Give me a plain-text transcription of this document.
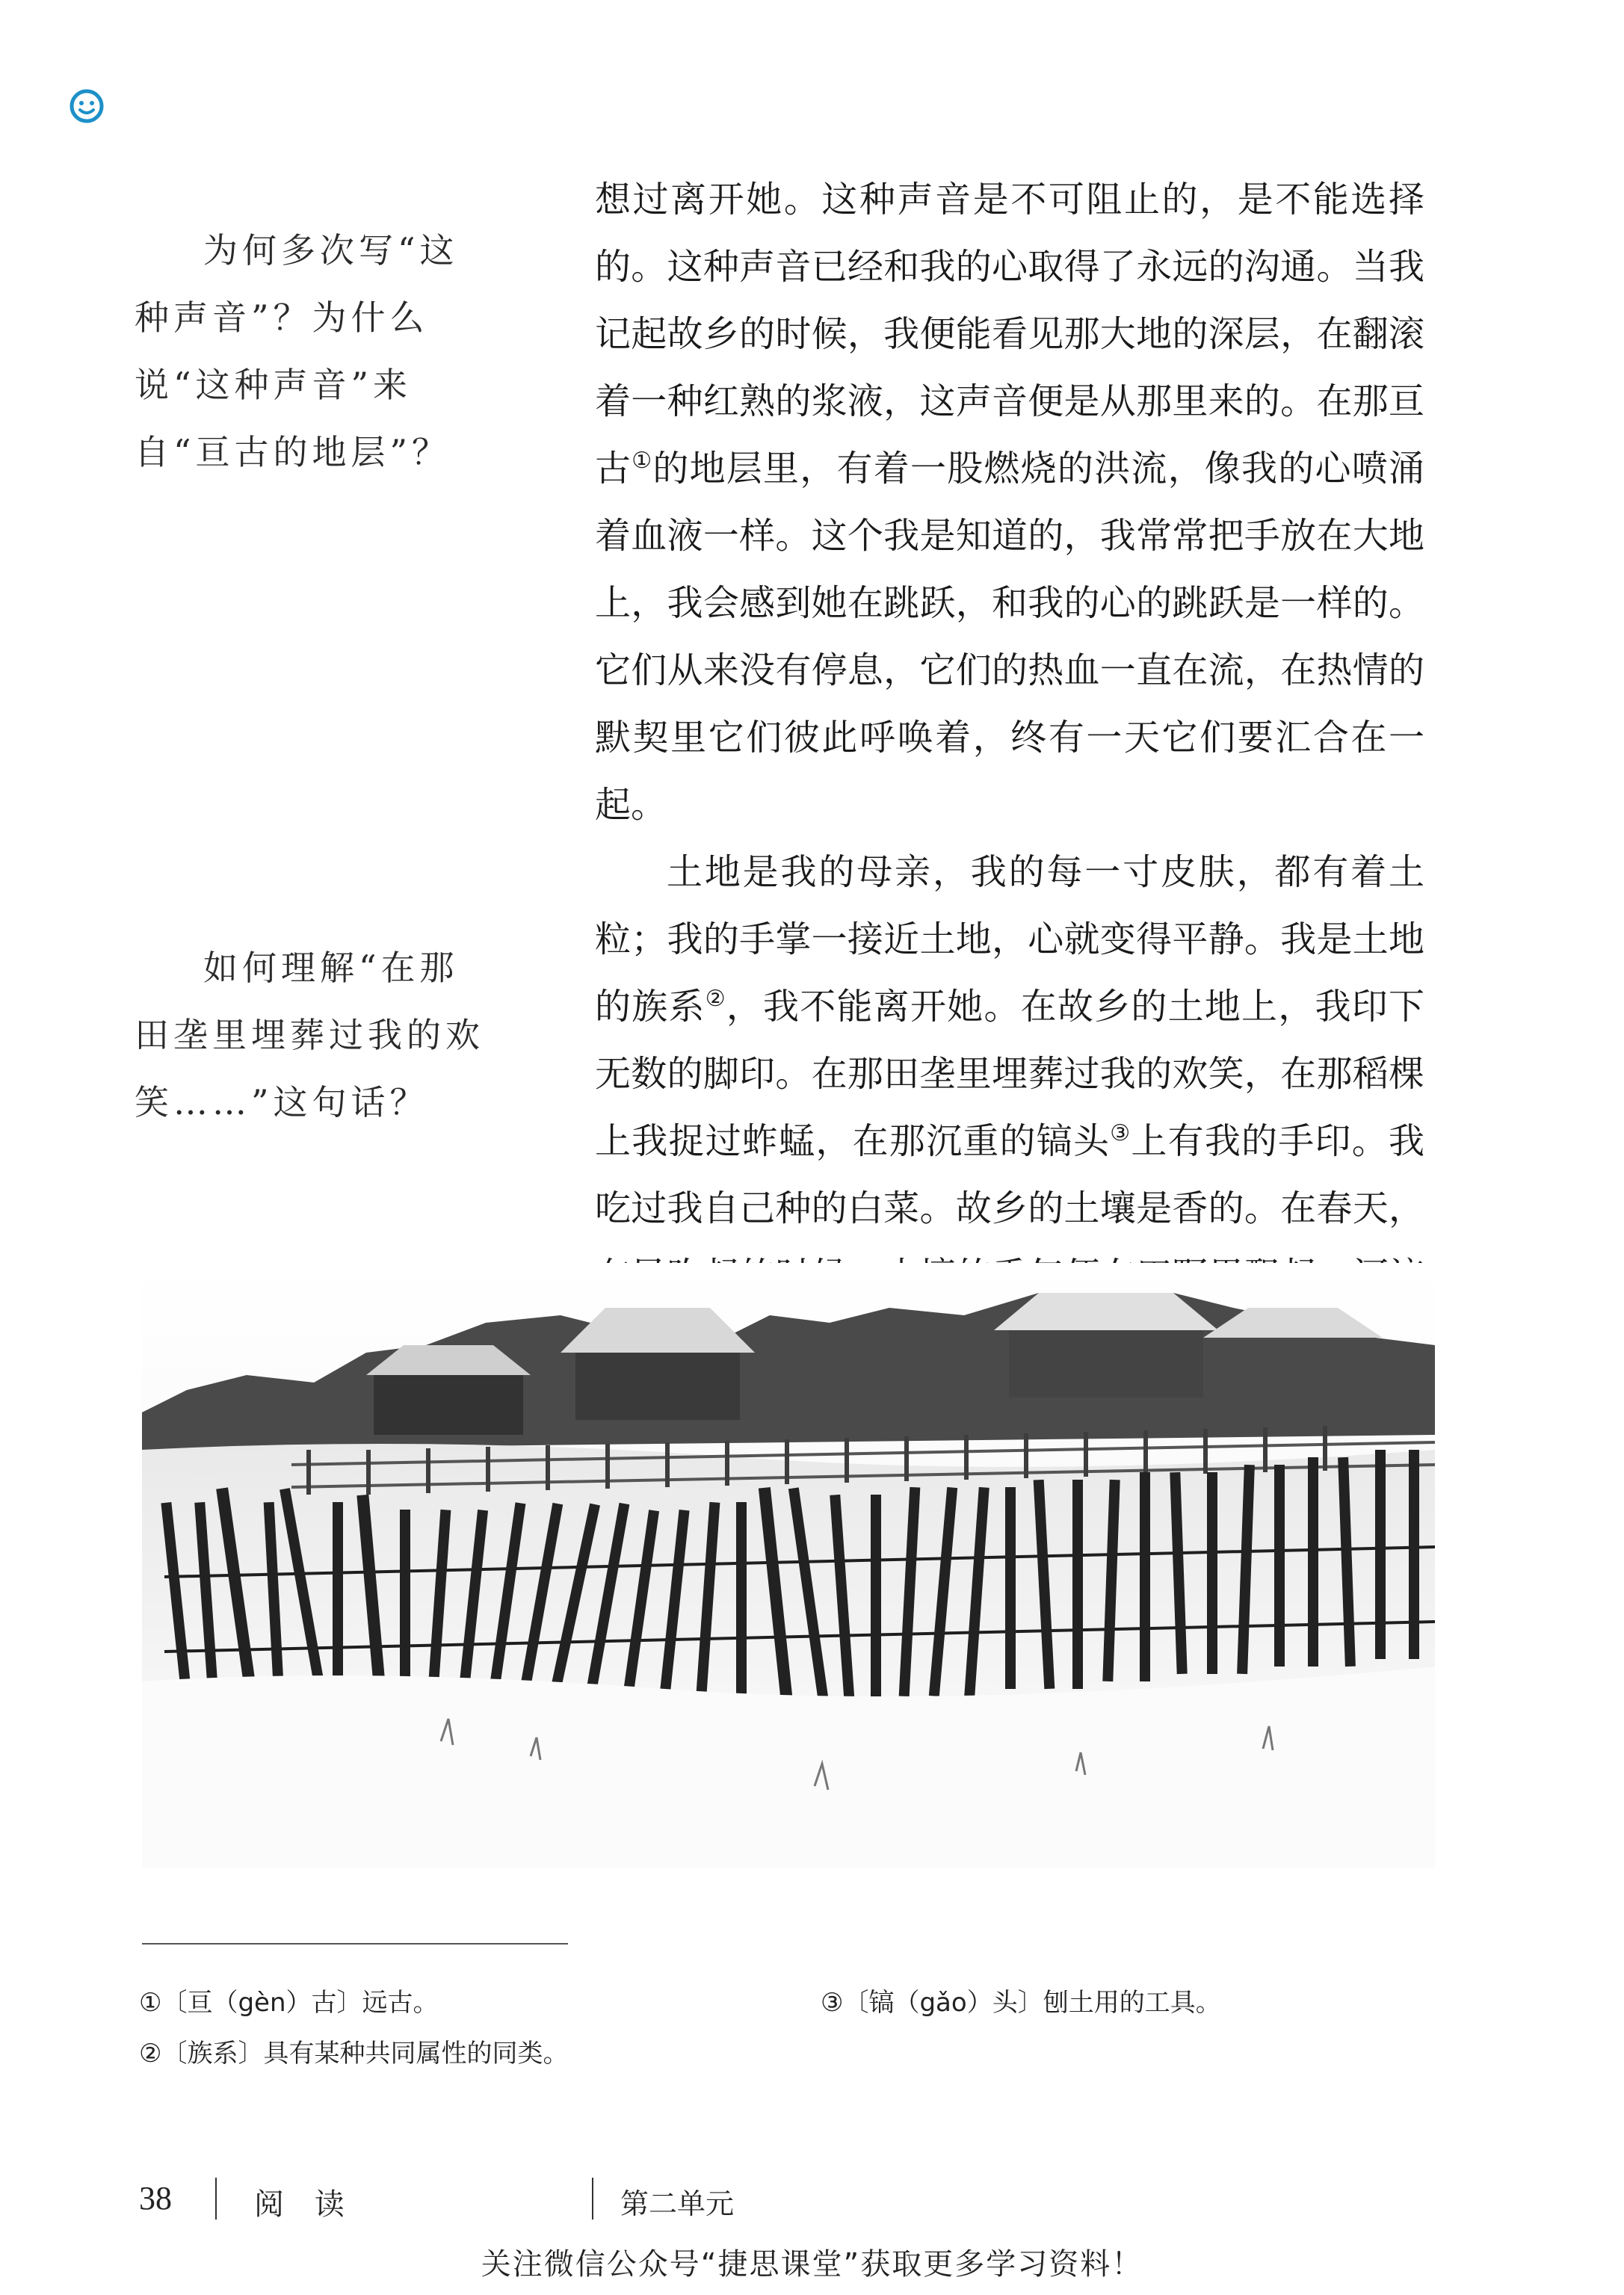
为何多次写“这种声音”？为什么说“这种声音”来自“亘古的地层”？

如何理解“在那田垄里埋葬过我的欢笑……”这句话？

想过离开她。这种声音是不可阻止的，是不能选择的。这种声音已经和我的心取得了永远的沟通。当我记起故乡的时候，我便能看见那大地的深层，在翻滚着一种红熟的浆液，这声音便是从那里来的。在那亘古①的地层里，有着一股燃烧的洪流，像我的心喷涌着血液一样。这个我是知道的，我常常把手放在大地上，我会感到她在跳跃，和我的心的跳跃是一样的。它们从来没有停息，它们的热血一直在流，在热情的默契里它们彼此呼唤着，终有一天它们要汇合在一起。

土地是我的母亲，我的每一寸皮肤，都有着土粒；我的手掌一接近土地，心就变得平静。我是土地的族系②，我不能离开她。在故乡的土地上，我印下无数的脚印。在那田垄里埋葬过我的欢笑，在那稻棵上我捉过蚱蜢，在那沉重的镐头③上有我的手印。我吃过我自己种的白菜。故乡的土壤是香的。在春天，

①〔亘（gèn）古〕远古。
②〔族系〕具有某种共同属性的同类。
③〔镐（gǎo）头〕刨土用的工具。
38	阅 读	第二单元
关注微信公众号“捷思课堂”获取更多学习资料！
